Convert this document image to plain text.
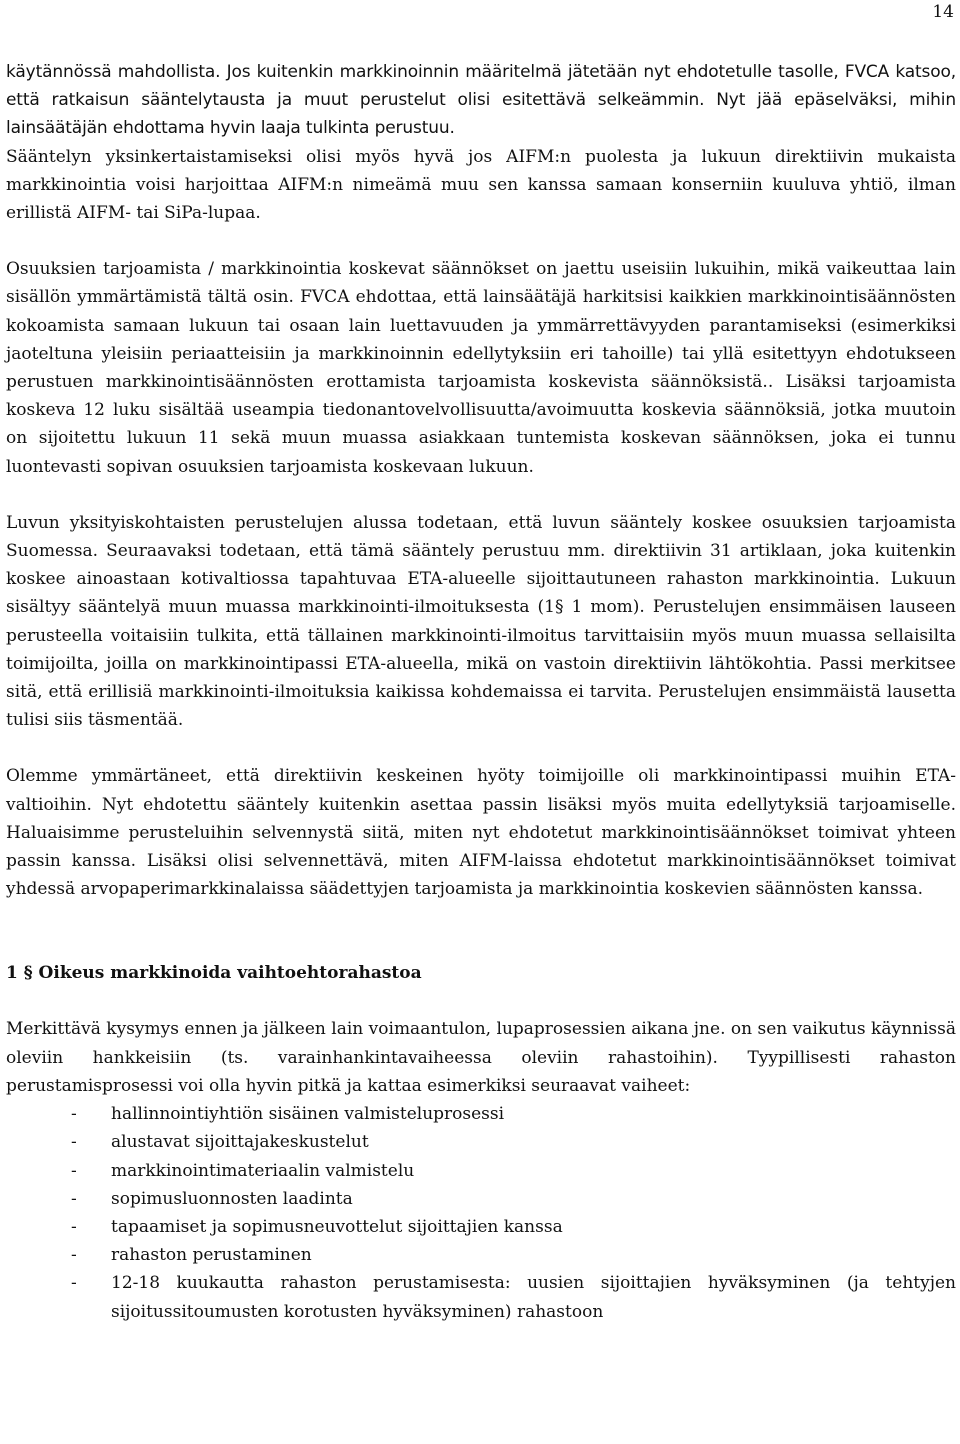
14

käytännössä mahdollista. Jos kuitenkin markkinoinnin määritelmä jätetään nyt ehdotetulle tasolle, FVCA katsoo, että ratkaisun sääntelytausta ja muut perustelut olisi esitettävä selkeämmin. Nyt jää epäselväksi, mihin lainsäätäjän ehdottama hyvin laaja tulkinta perustuu.

Sääntelyn yksinkertaistamiseksi olisi myös hyvä jos AIFM:n puolesta ja lukuun direktiivin mukaista markkinointia voisi harjoittaa AIFM:n nimeämä muu sen kanssa samaan konserniin kuuluva yhtiö, ilman erillistä AIFM- tai SiPa-lupaa.

Osuuksien tarjoamista / markkinointia koskevat säännökset on jaettu useisiin lukuihin, mikä vaikeuttaa lain sisällön ymmärtämistä tältä osin. FVCA ehdottaa, että lainsäätäjä harkitsisi kaikkien markkinointisäännösten kokoamista samaan lukuun tai osaan lain luettavuuden ja ymmärrettävyyden parantamiseksi (esimerkiksi jaoteltuna yleisiin periaatteisiin ja markkinoinnin edellytyksiin eri tahoille) tai yllä esitettyyn ehdotukseen perustuen markkinointisäännösten erottamista tarjoamista koskevista säännöksistä.. Lisäksi tarjoamista koskeva 12 luku sisältää useampia tiedonantovelvollisuutta/avoimuutta koskevia säännöksiä, jotka muutoin on sijoitettu lukuun 11 sekä muun muassa asiakkaan tuntemista koskevan säännöksen, joka ei tunnu luontevasti sopivan osuuksien tarjoamista koskevaan lukuun.

Luvun yksityiskohtaisten perustelujen alussa todetaan, että luvun sääntely koskee osuuksien tarjoamista Suomessa. Seuraavaksi todetaan, että tämä sääntely perustuu mm. direktiivin 31 artiklaan, joka kuitenkin koskee ainoastaan kotivaltiossa tapahtuvaa ETA-alueelle sijoittautuneen rahaston markkinointia. Lukuun sisältyy sääntelyä muun muassa markkinointi-ilmoituksesta (1§ 1 mom). Perustelujen ensimmäisen lauseen perusteella voitaisiin tulkita, että tällainen markkinointi-ilmoitus tarvittaisiin myös muun muassa sellaisilta toimijoilta, joilla on markkinointipassi ETA-alueella, mikä on vastoin direktiivin lähtökohtia. Passi merkitsee sitä, että erillisiä markkinointi-ilmoituksia kaikissa kohdemaissa ei tarvita. Perustelujen ensimmäistä lausetta tulisi siis täsmentää.

Olemme ymmärtäneet, että direktiivin keskeinen hyöty toimijoille oli markkinointipassi muihin ETA-valtioihin. Nyt ehdotettu sääntely kuitenkin asettaa passin lisäksi myös muita edellytyksiä tarjoamiselle. Haluaisimme perusteluihin selvennystä siitä, miten nyt ehdotetut markkinointisäännökset toimivat yhteen passin kanssa. Lisäksi olisi selvennettävä, miten AIFM-laissa ehdotetut markkinointisäännökset toimivat yhdessä arvopaperimarkkinalaissa säädettyjen tarjoamista ja markkinointia koskevien säännösten kanssa.

1 § Oikeus markkinoida vaihtoehtorahastoa

Merkittävä kysymys ennen ja jälkeen lain voimaantulon, lupaprosessien aikana jne. on sen vaikutus käynnissä oleviin hankkeisiin (ts. varainhankintavaiheessa oleviin rahastoihin). Tyypillisesti rahaston perustamisprosessi voi olla hyvin pitkä ja kattaa esimerkiksi seuraavat vaiheet:

- hallinnointiyhtiön sisäinen valmisteluprosessi
- alustavat sijoittajakeskustelut
- markkinointimateriaalin valmistelu
- sopimusluonnosten laadinta
- tapaamiset ja sopimusneuvottelut sijoittajien kanssa
- rahaston perustaminen
- 12-18 kuukautta rahaston perustamisesta: uusien sijoittajien hyväksyminen (ja tehtyjen sijoitussitoumusten korotusten hyväksyminen) rahastoon
